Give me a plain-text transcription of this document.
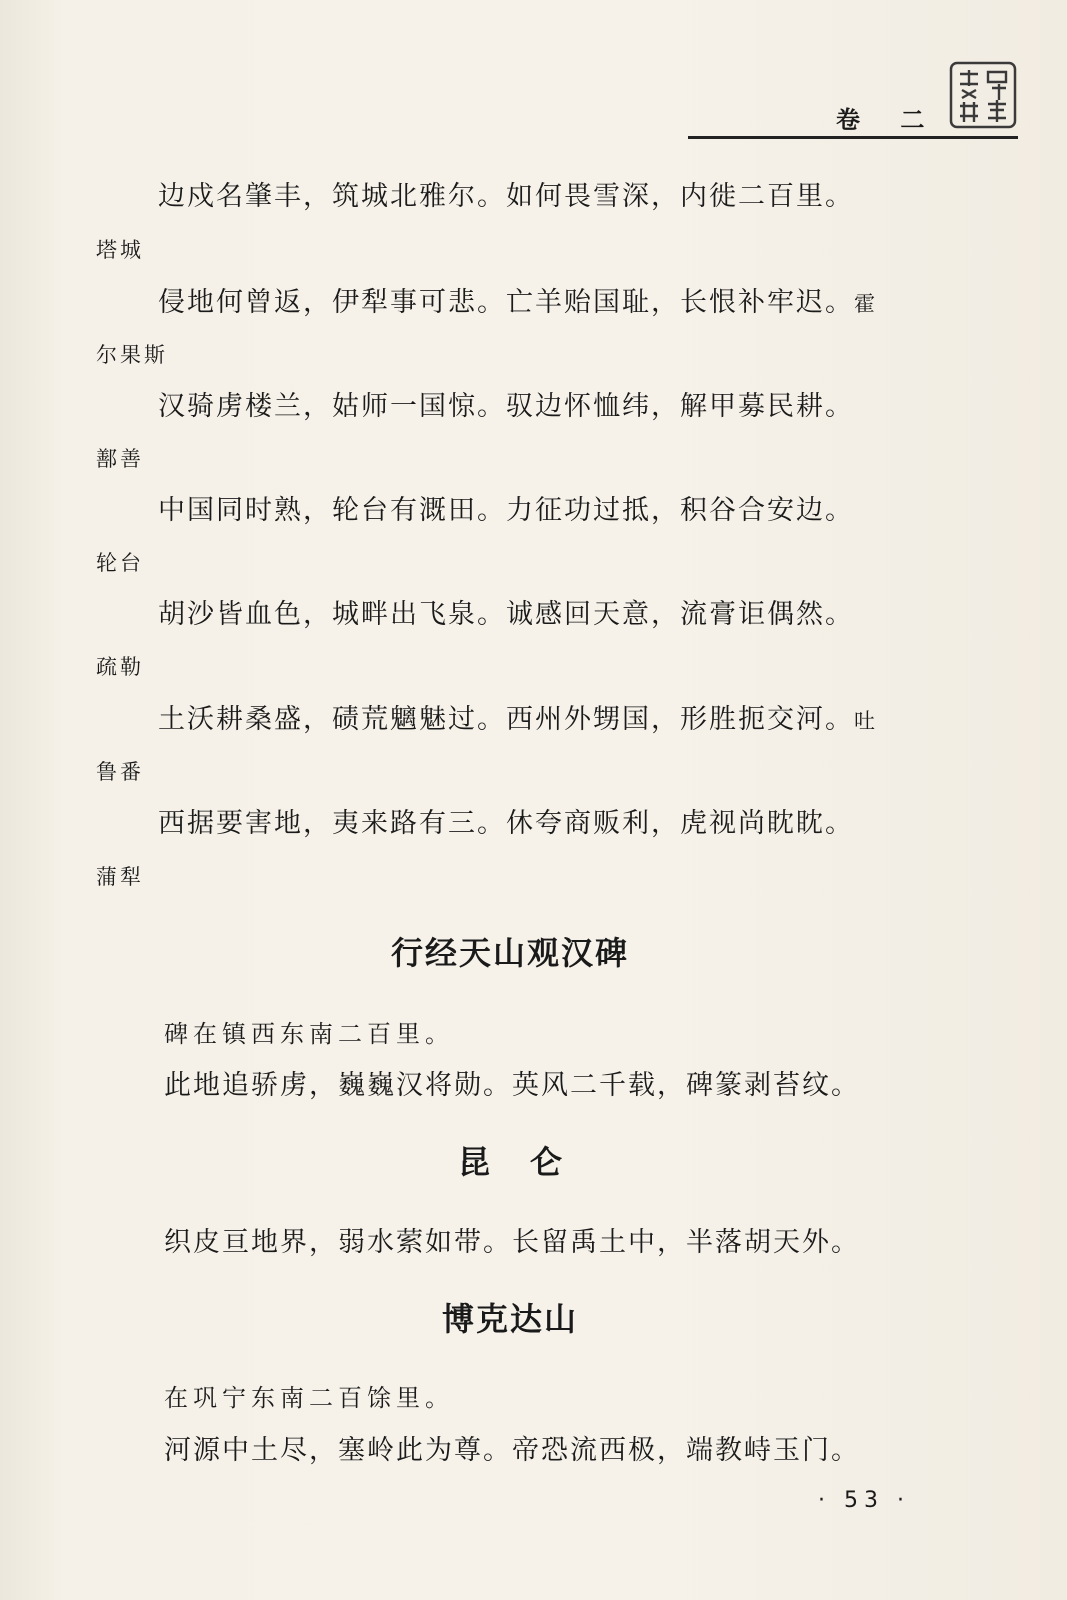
卷 二
边戍名肇丰，筑城北雅尔。如何畏雪深，内徙二百里。
塔城
侵地何曾返，伊犁事可悲。亡羊贻国耻，长恨补牢迟。霍
尔果斯
汉骑虏楼兰，姑师一国惊。驭边怀恤纬，解甲募民耕。
鄯善
中国同时熟，轮台有溉田。力征功过抵，积谷合安边。
轮台
胡沙皆血色，城畔出飞泉。诚感回天意，流膏讵偶然。
疏勒
土沃耕桑盛，碛荒魑魅过。西州外甥国，形胜扼交河。吐
鲁番
西据要害地，夷来路有三。休夸商贩利，虎视尚眈眈。
蒲犁
行经天山观汉碑
碑在镇西东南二百里。
此地追骄虏，巍巍汉将勋。英风二千载，碑篆剥苔纹。
昆仑
织皮亘地界，弱水萦如带。长留禹土中，半落胡天外。
博克达山
在巩宁东南二百馀里。
河源中土尽，塞岭此为尊。帝恐流西极，端教峙玉门。
· 53 ·
